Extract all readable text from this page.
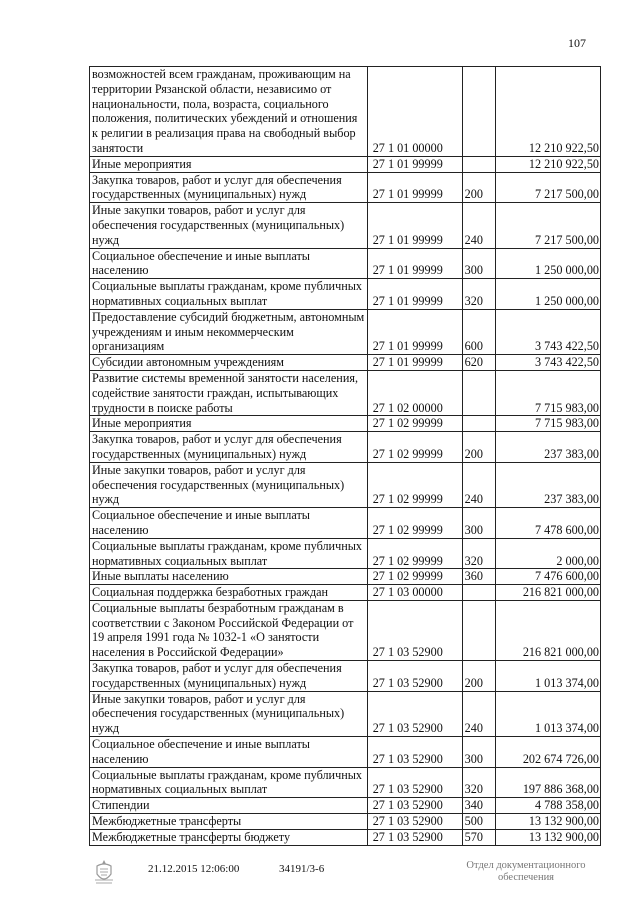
107
возможностей всем гражданам, проживающим на территории Рязанской области, независимо от национальности, пола, возраста, социального положения, политических убеждений и отношения к религии в реализация права на свободный выбор занятости	27 1 01 00000		12 210 922,50
Иные мероприятия	27 1 01 99999		12 210 922,50
Закупка товаров, работ и услуг для обеспечения государственных (муниципальных) нужд	27 1 01 99999	200	7 217 500,00
Иные закупки товаров, работ и услуг для обеспечения государственных (муниципальных) нужд	27 1 01 99999	240	7 217 500,00
Социальное обеспечение и иные выплаты населению	27 1 01 99999	300	1 250 000,00
Социальные выплаты гражданам, кроме публичных нормативных социальных выплат	27 1 01 99999	320	1 250 000,00
Предоставление субсидий бюджетным, автономным учреждениям и иным некоммерческим организациям	27 1 01 99999	600	3 743 422,50
Субсидии автономным учреждениям	27 1 01 99999	620	3 743 422,50
Развитие системы временной занятости населения, содействие занятости граждан, испытывающих трудности в поиске работы	27 1 02 00000		7 715 983,00
Иные мероприятия	27 1 02 99999		7 715 983,00
Закупка товаров, работ и услуг для обеспечения государственных (муниципальных) нужд	27 1 02 99999	200	237 383,00
Иные закупки товаров, работ и услуг для обеспечения государственных (муниципальных) нужд	27 1 02 99999	240	237 383,00
Социальное обеспечение и иные выплаты населению	27 1 02 99999	300	7 478 600,00
Социальные выплаты гражданам, кроме публичных нормативных социальных выплат	27 1 02 99999	320	2 000,00
Иные выплаты населению	27 1 02 99999	360	7 476 600,00
Социальная поддержка безработных граждан	27 1 03 00000		216 821 000,00
Социальные выплаты безработным гражданам в соответствии с Законом Российской Федерации от 19 апреля 1991 года № 1032-1 «О занятости населения в Российской Федерации»	27 1 03 52900		216 821 000,00
Закупка товаров, работ и услуг для обеспечения государственных (муниципальных) нужд	27 1 03 52900	200	1 013 374,00
Иные закупки товаров, работ и услуг для обеспечения государственных (муниципальных) нужд	27 1 03 52900	240	1 013 374,00
Социальное обеспечение и иные выплаты населению	27 1 03 52900	300	202 674 726,00
Социальные выплаты гражданам, кроме публичных нормативных социальных выплат	27 1 03 52900	320	197 886 368,00
Стипендии	27 1 03 52900	340	4 788 358,00
Межбюджетные трансферты	27 1 03 52900	500	13 132 900,00
Межбюджетные трансферты бюджету	27 1 03 52900	570	13 132 900,00
21.12.2015 12:06:00	34191/3-6	Отдел документационного
обеспечения
